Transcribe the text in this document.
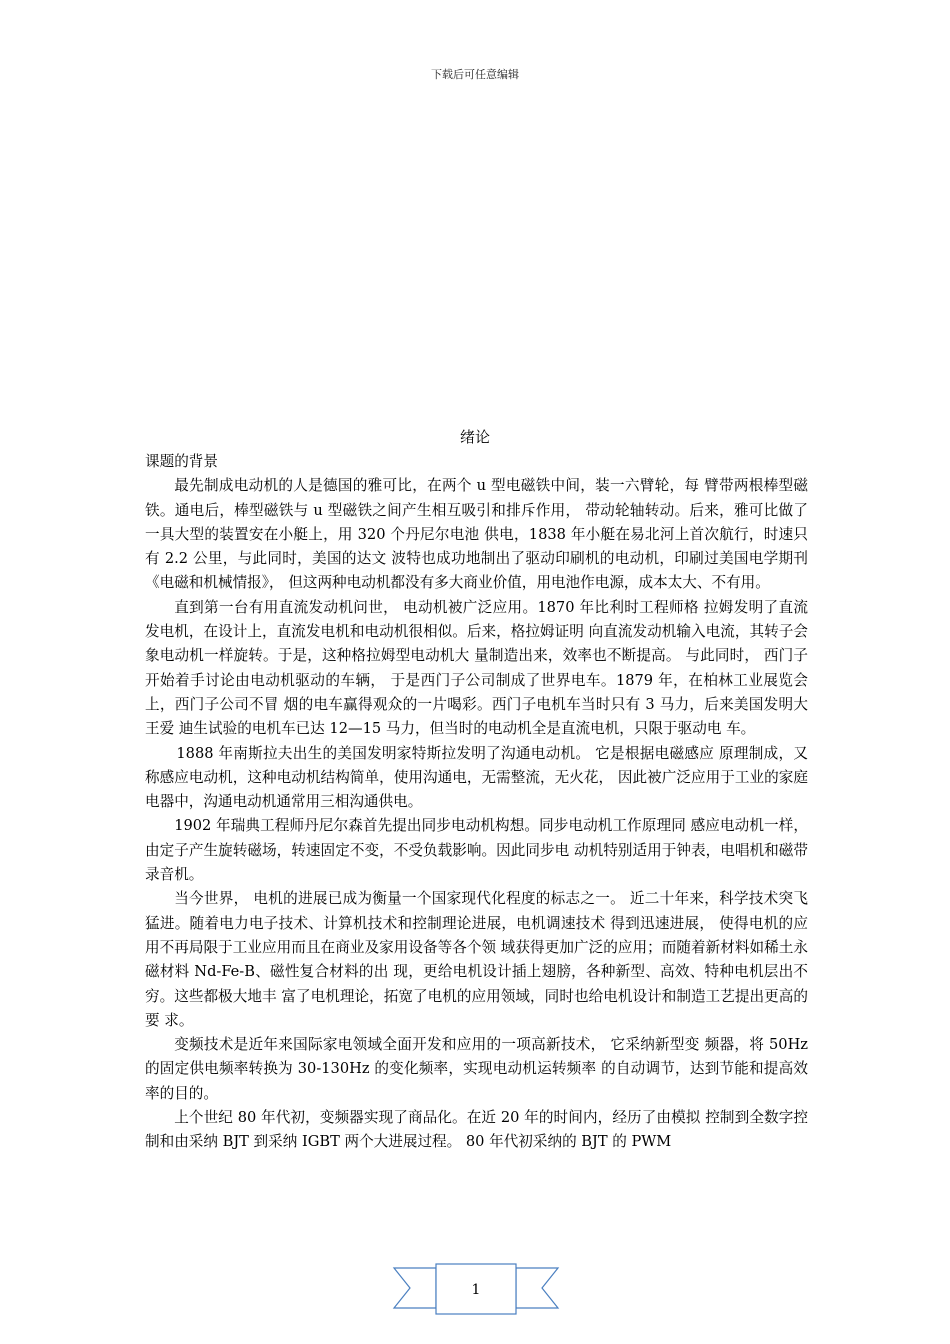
下载后可任意编辑
绪论

课题的背景

最先制成电动机的人是德国的雅可比，在两个 u 型电磁铁中间，装一六臂轮，每 臂带两根棒型磁铁。通电后，棒型磁铁与 u 型磁铁之间产生相互吸引和排斥作用， 带动轮轴转动。后来，雅可比做了一具大型的装置安在小艇上，用 320 个丹尼尔电池 供电，1838 年小艇在易北河上首次航行，时速只有 2.2 公里，与此同时，美国的达文 波特也成功地制出了驱动印刷机的电动机，印刷过美国电学期刊《电磁和机械情报》， 但这两种电动机都没有多大商业价值，用电池作电源，成本太大、不有用。

直到第一台有用直流发动机问世， 电动机被广泛应用。1870 年比利时工程师格 拉姆发明了直流发电机，在设计上，直流发电机和电动机很相似。后来，格拉姆证明 向直流发动机输入电流，其转子会象电动机一样旋转。于是，这种格拉姆型电动机大 量制造出来，效率也不断提高。 与此同时， 西门子开始着手讨论由电动机驱动的车辆， 于是西门子公司制成了世界电车。1879 年，在柏林工业展览会上，西门子公司不冒 烟的电车赢得观众的一片喝彩。西门子电机车当时只有 3 马力，后来美国发明大王爱 迪生试验的电机车已达 12—15 马力，但当时的电动机全是直流电机，只限于驱动电 车。

1888 年南斯拉夫出生的美国发明家特斯拉发明了沟通电动机。 它是根据电磁感应 原理制成，又称感应电动机，这种电动机结构简单，使用沟通电，无需整流，无火花， 因此被广泛应用于工业的家庭电器中，沟通电动机通常用三相沟通供电。

1902 年瑞典工程师丹尼尔森首先提出同步电动机构想。同步电动机工作原理同 感应电动机一样，由定子产生旋转磁场，转速固定不变，不受负载影响。因此同步电 动机特别适用于钟表，电唱机和磁带录音机。

当今世界， 电机的进展已成为衡量一个国家现代化程度的标志之一。 近二十年来，科学技术突飞猛进。随着电力电子技术、计算机技术和控制理论进展，电机调速技术 得到迅速进展， 使得电机的应用不再局限于工业应用而且在商业及家用设备等各个领 域获得更加广泛的应用；而随着新材料如稀土永磁材料 Nd-Fe-B、磁性复合材料的出 现，更给电机设计插上翅膀，各种新型、高效、特种电机层出不穷。这些都极大地丰 富了电机理论，拓宽了电机的应用领域，同时也给电机设计和制造工艺提出更高的要 求。

变频技术是近年来国际家电领域全面开发和应用的一项高新技术， 它采纳新型变 频器，将 50Hz 的固定供电频率转换为 30-130Hz 的变化频率，实现电动机运转频率 的自动调节，达到节能和提高效率的目的。

上个世纪 80 年代初，变频器实现了商品化。在近 20 年的时间内，经历了由模拟 控制到全数字控制和由采纳 BJT 到采纳 IGBT 两个大进展过程。 80 年代初采纳的 BJT 的 PWM

1
